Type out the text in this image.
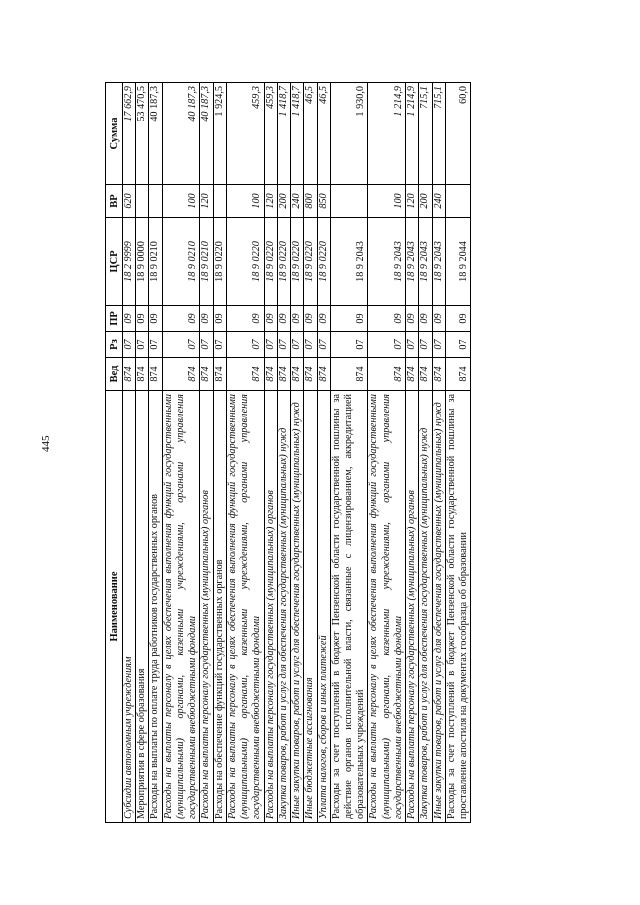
445
Наименование	Вед	Рз	ПР	ЦСР	ВР	Сумма
Субсидии автономным учреждениям	874	07	09	18 2 9999	620	17 662,9
Мероприятия в сфере образования	874	07	09	18 9 0000		53 470,5
Расходы на выплаты по оплате труда работников государственных органов	874	07	09	18 9 0210		40 187,3
Расходы на выплаты персоналу в целях обеспечения выполнения функций государственными (муниципальными) органами, казенными учреждениями, органами управления государственными внебюджетными фондами	874	07	09	18 9 0210	100	40 187,3
Расходы на выплаты персоналу государственных (муниципальных) органов	874	07	09	18 9 0210	120	40 187,3
Расходы на обеспечение функций государственных органов	874	07	09	18 9 0220		1 924,5
Расходы на выплаты персоналу в целях обеспечения выполнения функций государственными (муниципальными) органами, казенными учреждениями, органами управления государственными внебюджетными фондами	874	07	09	18 9 0220	100	459,3
Расходы на выплаты персоналу государственных (муниципальных) органов	874	07	09	18 9 0220	120	459,3
Закупка товаров, работ и услуг для обеспечения государственных (муниципальных) нужд	874	07	09	18 9 0220	200	1 418,7
Иные закупки товаров, работ и услуг для обеспечения государственных (муниципальных) нужд	874	07	09	18 9 0220	240	1 418,7
Иные бюджетные ассигнования	874	07	09	18 9 0220	800	46,5
Уплата налогов, сборов и иных платежей	874	07	09	18 9 0220	850	46,5
Расходы за счет поступлений в бюджет Пензенской области государственной пошлины за действие органов исполнительной власти, связанные с лицензированием, аккредитацией образовательных учреждений	874	07	09	18 9 2043		1 930,0
Расходы на выплаты персоналу в целях обеспечения выполнения функций государственными (муниципальными) органами, казенными учреждениями, органами управления государственными внебюджетными фондами	874	07	09	18 9 2043	100	1 214,9
Расходы на выплаты персоналу государственных (муниципальных) органов	874	07	09	18 9 2043	120	1 214,9
Закупка товаров, работ и услуг для обеспечения государственных (муниципальных) нужд	874	07	09	18 9 2043	200	715,1
Иные закупки товаров, работ и услуг для обеспечения государственных (муниципальных) нужд	874	07	09	18 9 2043	240	715,1
Расходы за счет поступлений в бюджет Пензенской области государственной пошлины за проставление апостиля на документах гособразца об образовании	874	07	09	18 9 2044		60,0
